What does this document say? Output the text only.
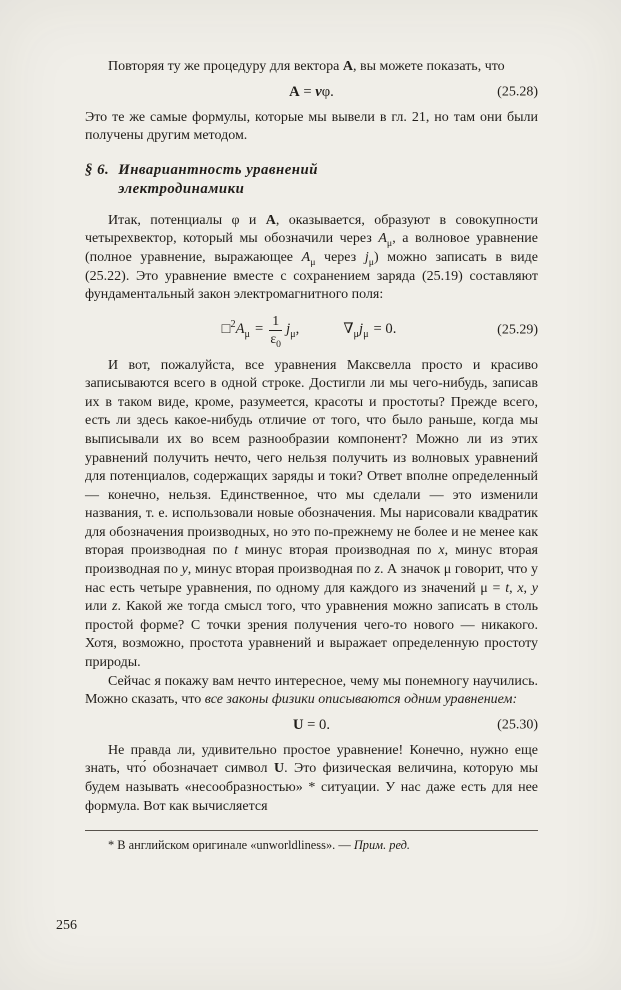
Повторяя ту же процедуру для вектора A, вы можете показать, что

A = vφ.	(25.28)

Это те же самые формулы, которые мы вывели в гл. 21, но там они были получены другим методом.

§ 6. Инвариантность уравнений
электродинамики

Итак, потенциалы φ и A, оказывается, образуют в совокупности четырехвектор, который мы обозначили через $A_\mu$, а волновое уравнение (полное уравнение, выражающее $A_\mu$ через $j_\mu$) можно записать в виде (25.22). Это уравнение вместе с сохранением заряда (25.19) составляют фундаментальный закон электромагнитного поля:

$□^2A_\mu = \frac{1}{\varepsilon_0} j_\mu$,	$\nabla_\mu j_\mu = 0$.	(25.29)

И вот, пожалуйста, все уравнения Максвелла просто и красиво записываются всего в одной строке. Достигли ли мы чего-нибудь, записав их в таком виде, кроме, разумеется, красоты и простоты? Прежде всего, есть ли здесь какое-нибудь отличие от того, что было раньше, когда мы выписывали их во всем разнообразии компонент? Можно ли из этих уравнений получить нечто, чего нельзя получить из волновых уравнений для потенциалов, содержащих заряды и токи? Ответ вполне определенный — конечно, нельзя. Единственное, что мы сделали — это изменили названия, т. е. использовали новые обозначения. Мы нарисовали квадратик для обозначения производных, но это по-прежнему не более и не менее как вторая производная по t минус вторая производная по x, минус вторая производная по y, минус вторая производная по z. А значок μ говорит, что у нас есть четыре уравнения, по одному для каждого из значений μ = t, x, y или z. Какой же тогда смысл того, что уравнения можно записать в столь простой форме? С точки зрения получения чего-то нового — никакого. Хотя, возможно, простота уравнений и выражает определенную простоту природы.

Сейчас я покажу вам нечто интересное, чему мы понемногу научились. Можно сказать, что все законы физики описываются одним уравнением:

U = 0.	(25.30)

Не правда ли, удивительно простое уравнение! Конечно, нужно еще знать, что́ обозначает символ U. Это физическая величина, которую мы будем называть «несообразностью» * ситуации. У нас даже есть для нее формула. Вот как вычисляется

* В английском оригинале «unworldliness». — Прим. ред.

256
